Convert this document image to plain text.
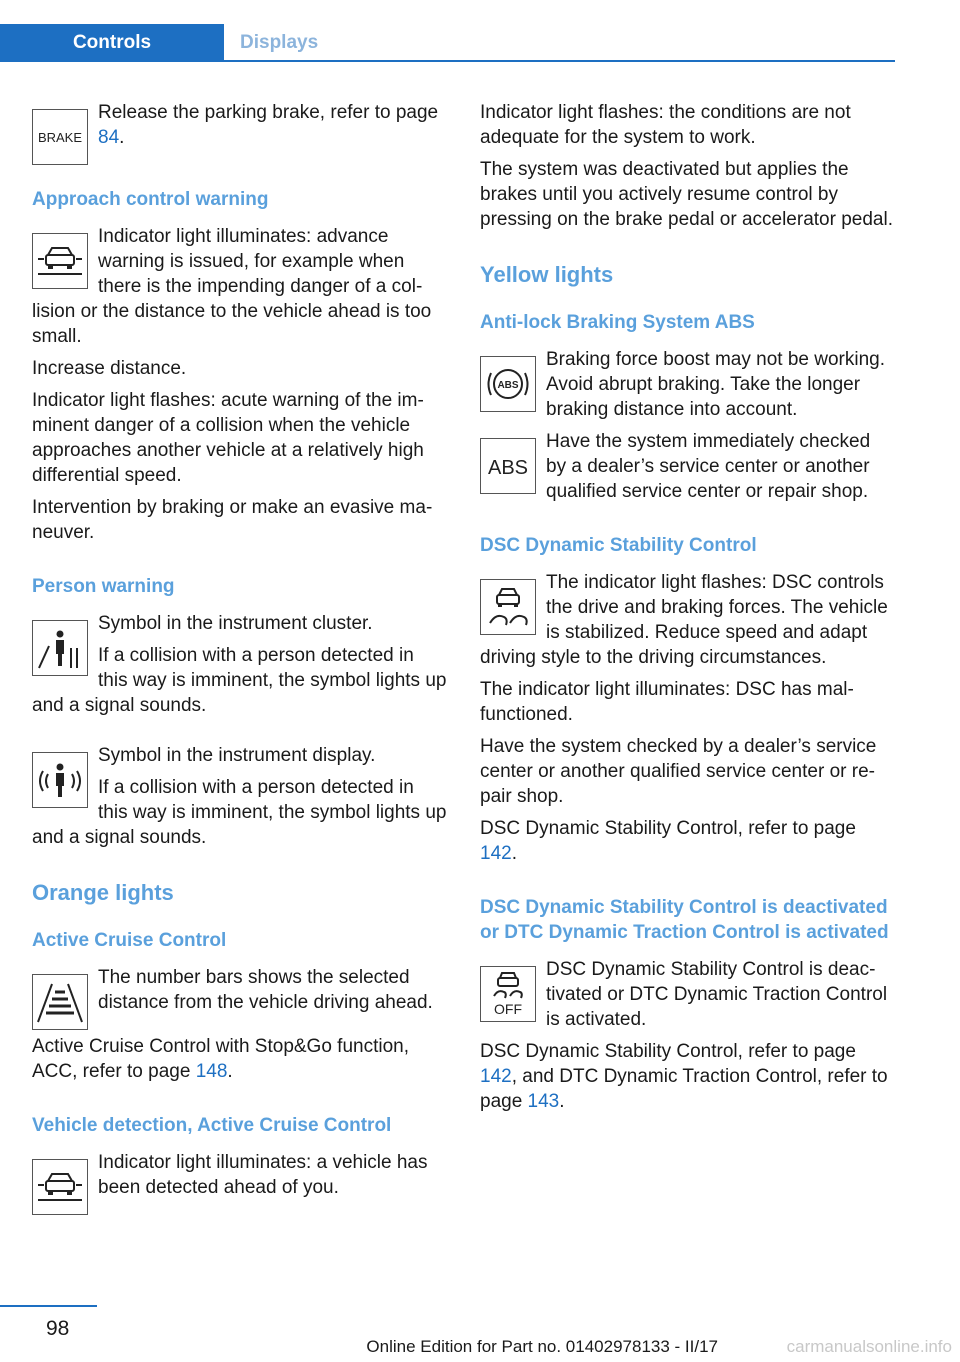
Controls	Displays
BRAKE

Release the parking brake, refer to page 84.

Approach control warning

Indicator light illuminates: advance warning is issued, for example when there is the impending danger of a collision or the distance to the vehicle ahead is too small.

Increase distance.

Indicator light flashes: acute warning of the imminent danger of a collision when the vehicle approaches another vehicle at a relatively high differential speed.

Intervention by braking or make an evasive maneuver.

Person warning

Symbol in the instrument cluster.

If a collision with a person detected in this way is imminent, the symbol lights up and a signal sounds.

Symbol in the instrument display.

If a collision with a person detected in this way is imminent, the symbol lights up and a signal sounds.

Orange lights
Active Cruise Control

The number bars shows the selected distance from the vehicle driving ahead.

Active Cruise Control with Stop&Go function, ACC, refer to page 148.

Vehicle detection, Active Cruise Control

Indicator light illuminates: a vehicle has been detected ahead of you.

Indicator light flashes: the conditions are not adequate for the system to work.

The system was deactivated but applies the brakes until you actively resume control by pressing on the brake pedal or accelerator pedal.

Yellow lights
Anti-lock Braking System ABS
ABS

Braking force boost may not be working. Avoid abrupt braking. Take the longer braking distance into account.

ABS

Have the system immediately checked by a dealer’s service center or another qualified service center or repair shop.

DSC Dynamic Stability Control

The indicator light flashes: DSC controls the drive and braking forces. The vehicle is stabilized. Reduce speed and adapt driving style to the driving circumstances.

The indicator light illuminates: DSC has malfunctioned.

Have the system checked by a dealer’s service center or another qualified service center or repair shop.

DSC Dynamic Stability Control, refer to page 142.

DSC Dynamic Stability Control is deactivated or DTC Dynamic Traction Control is activated
OFF

DSC Dynamic Stability Control is deactivated or DTC Dynamic Traction Control is activated.

DSC Dynamic Stability Control, refer to page 142, and DTC Dynamic Traction Control, refer to page 143.

98
Online Edition for Part no. 01402978133 - II/17	carmanualsonline.info
